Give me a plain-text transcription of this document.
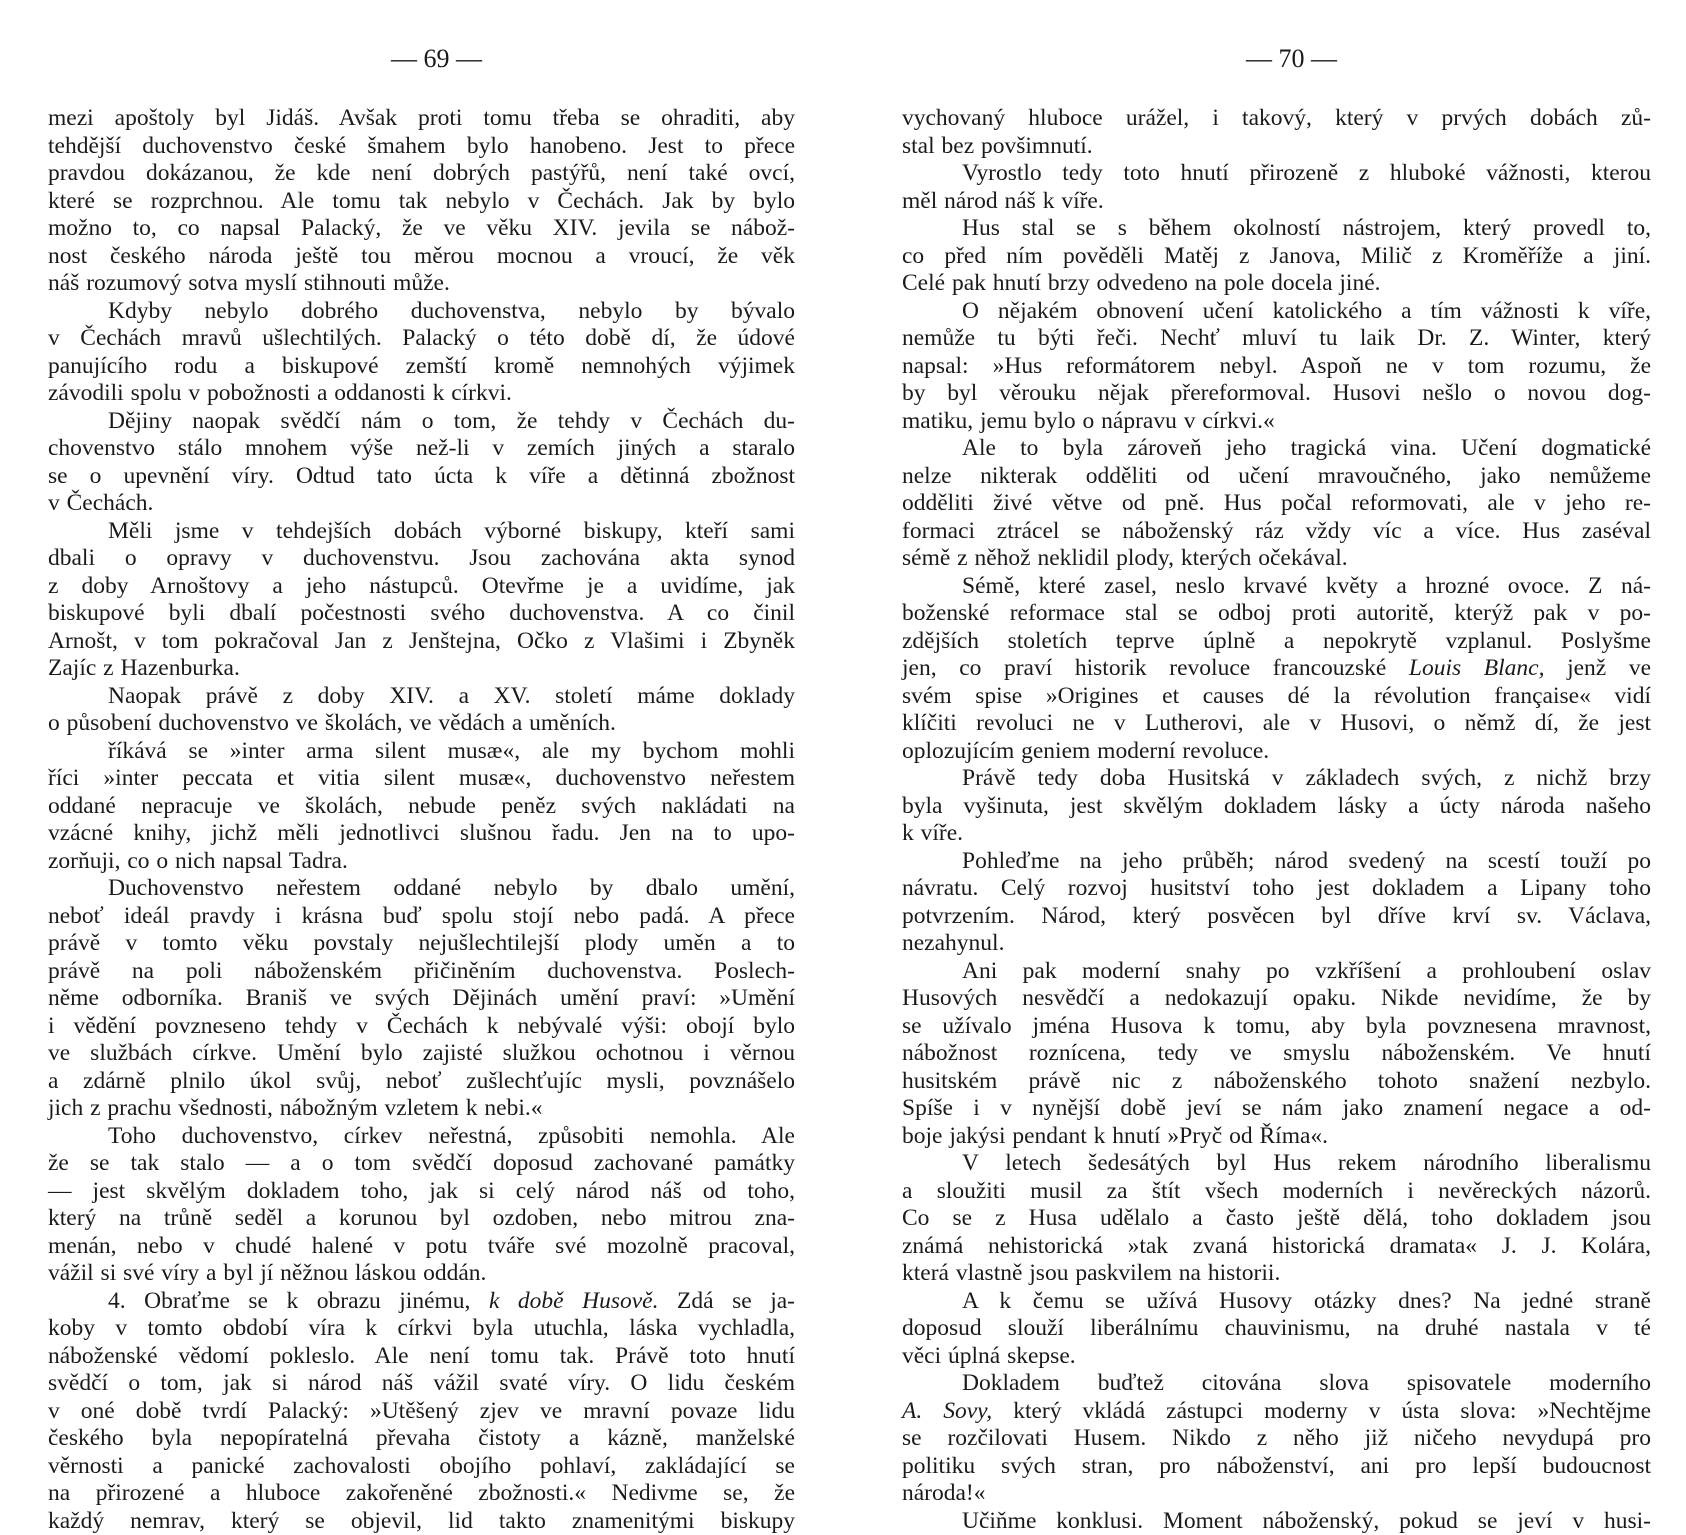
— 69 —

mezi apoštoly byl Jidáš. Avšak proti tomu třeba se ohraditi, aby

tehdější duchovenstvo české šmahem bylo hanobeno. Jest to přece

pravdou dokázanou, že kde není dobrých pastýřů, není také ovcí,

které se rozprchnou. Ale tomu tak nebylo v Čechách. Jak by bylo

možno to, co napsal Palacký, že ve věku XIV. jevila se nábož-

nost českého národa ještě tou měrou mocnou a vroucí, že věk

náš rozumový sotva myslí stihnouti může.

Kdyby nebylo dobrého duchovenstva, nebylo by bývalo

v Čechách mravů ušlechtilých. Palacký o této době dí, že údové

panujícího rodu a biskupové zemští kromě nemnohých výjimek

závodili spolu v pobožnosti a oddanosti k církvi.

Dějiny naopak svědčí nám o tom, že tehdy v Čechách du-

chovenstvo stálo mnohem výše než-li v zemích jiných a staralo

se o upevnění víry. Odtud tato úcta k víře a dětinná zbožnost

v Čechách.

Měli jsme v tehdejších dobách výborné biskupy, kteří sami

dbali o opravy v duchovenstvu. Jsou zachována akta synod

z doby Arnoštovy a jeho nástupců. Otevřme je a uvidíme, jak

biskupové byli dbalí počestnosti svého duchovenstva. A co činil

Arnošt, v tom pokračoval Jan z Jenštejna, Očko z Vlašimi i Zbyněk

Zajíc z Hazenburka.

Naopak právě z doby XIV. a XV. století máme doklady

o působení duchovenstvo ve školách, ve vědách a uměních.

říkává se »inter arma silent musæ«, ale my bychom mohli

říci »inter peccata et vitia silent musæ«, duchovenstvo neřestem

oddané nepracuje ve školách, nebude peněz svých nakládati na

vzácné knihy, jichž měli jednotlivci slušnou řadu. Jen na to upo-

zorňuji, co o nich napsal Tadra.

Duchovenstvo neřestem oddané nebylo by dbalo umění,

neboť ideál pravdy i krásna buď spolu stojí nebo padá. A přece

právě v tomto věku povstaly nejušlechtilejší plody uměn a to

právě na poli náboženském přičiněním duchovenstva. Poslech-

něme odborníka. Braniš ve svých Dějinách umění praví: »Umění

i vědění povzneseno tehdy v Čechách k nebývalé výši: obojí bylo

ve službách církve. Umění bylo zajisté služkou ochotnou i věrnou

a zdárně plnilo úkol svůj, neboť zušlechťujíc mysli, povznášelo

jich z prachu všednosti, nábožným vzletem k nebi.«

Toho duchovenstvo, církev neřestná, způsobiti nemohla. Ale

že se tak stalo — a o tom svědčí doposud zachované památky

— jest skvělým dokladem toho, jak si celý národ náš od toho,

který na trůně seděl a korunou byl ozdoben, nebo mitrou zna-

menán, nebo v chudé halené v potu tváře své mozolně pracoval,

vážil si své víry a byl jí něžnou láskou oddán.

4. Obraťme se k obrazu jinému, k době Husově. Zdá se ja-

koby v tomto období víra k církvi byla utuchla, láska vychladla,

náboženské vědomí pokleslo. Ale není tomu tak. Právě toto hnutí

svědčí o tom, jak si národ náš vážil svaté víry. O lidu českém

v oné době tvrdí Palacký: »Utěšený zjev ve mravní povaze lidu

českého byla nepopíratelná převaha čistoty a kázně, manželské

věrnosti a panické zachovalosti obojího pohlaví, zakládající se

na přirozené a hluboce zakořeněné zbožnosti.« Nedivme se, že

každý nemrav, který se objevil, lid takto znamenitými biskupy

— 70 —

vychovaný hluboce urážel, i takový, který v prvých dobách zů-

stal bez povšimnutí.

Vyrostlo tedy toto hnutí přirozeně z hluboké vážnosti, kterou

měl národ náš k víře.

Hus stal se s během okolností nástrojem, který provedl to,

co před ním pověděli Matěj z Janova, Milič z Kroměříže a jiní.

Celé pak hnutí brzy odvedeno na pole docela jiné.

O nějakém obnovení učení katolického a tím vážnosti k víře,

nemůže tu býti řeči. Nechť mluví tu laik Dr. Z. Winter, který

napsal: »Hus reformátorem nebyl. Aspoň ne v tom rozumu, že

by byl věrouku nějak přereformoval. Husovi nešlo o novou dog-

matiku, jemu bylo o nápravu v církvi.«

Ale to byla zároveň jeho tragická vina. Učení dogmatické

nelze nikterak odděliti od učení mravoučného, jako nemůžeme

odděliti živé větve od pně. Hus počal reformovati, ale v jeho re-

formaci ztrácel se náboženský ráz vždy víc a více. Hus zaséval

sémě z něhož neklidil plody, kterých očekával.

Sémě, které zasel, neslo krvavé květy a hrozné ovoce. Z ná-

boženské reformace stal se odboj proti autoritě, kterýž pak v po-

zdějších stoletích teprve úplně a nepokrytě vzplanul. Poslyšme

jen, co praví historik revoluce francouzské Louis Blanc, jenž ve

svém spise »Origines et causes dé la révolution française« vidí

klíčiti revoluci ne v Lutherovi, ale v Husovi, o němž dí, že jest

oplozujícím geniem moderní revoluce.

Právě tedy doba Husitská v základech svých, z nichž brzy

byla vyšinuta, jest skvělým dokladem lásky a úcty národa našeho

k víře.

Pohleďme na jeho průběh; národ svedený na scestí touží po

návratu. Celý rozvoj husitství toho jest dokladem a Lipany toho

potvrzením. Národ, který posvěcen byl dříve krví sv. Václava,

nezahynul.

Ani pak moderní snahy po vzkříšení a prohloubení oslav

Husových nesvědčí a nedokazují opaku. Nikde nevidíme, že by

se užívalo jména Husova k tomu, aby byla povznesena mravnost,

nábožnost roznícena, tedy ve smyslu náboženském. Ve hnutí

husitském právě nic z náboženského tohoto snažení nezbylo.

Spíše i v nynější době jeví se nám jako znamení negace a od-

boje jakýsi pendant k hnutí »Pryč od Říma«.

V letech šedesátých byl Hus rekem národního liberalismu

a sloužiti musil za štít všech moderních i nevěreckých názorů.

Co se z Husa udělalo a často ještě dělá, toho dokladem jsou

známá nehistorická »tak zvaná historická dramata« J. J. Kolára,

která vlastně jsou paskvilem na historii.

A k čemu se užívá Husovy otázky dnes? Na jedné straně

doposud slouží liberálnímu chauvinismu, na druhé nastala v té

věci úplná skepse.

Dokladem buďtež citována slova spisovatele moderního

A. Sovy, který vkládá zástupci moderny v ústa slova: »Nechtějme

se rozčilovati Husem. Nikdo z něho již ničeho nevydupá pro

politiku svých stran, pro náboženství, ani pro lepší budoucnost

národa!«

Učiňme konklusi. Moment náboženský, pokud se jeví v husi-
